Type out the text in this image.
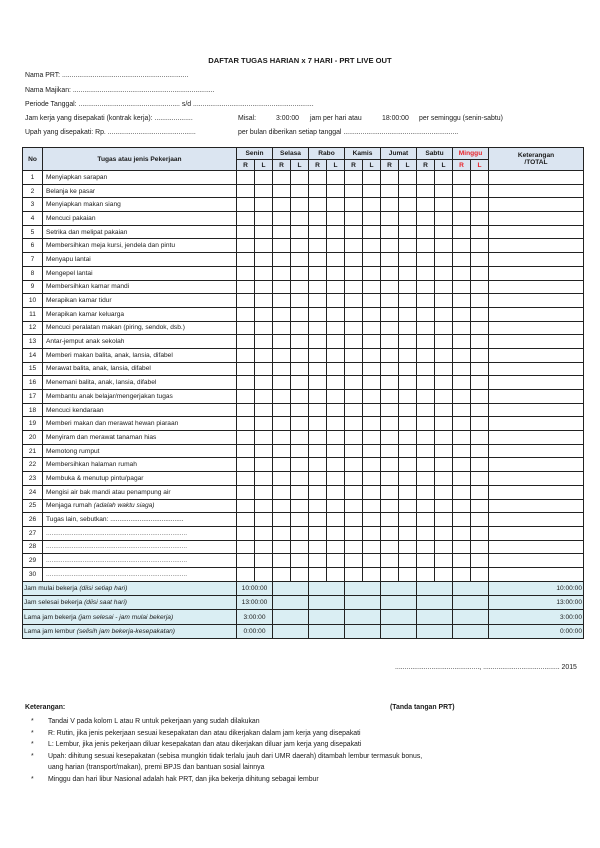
DAFTAR TUGAS HARIAN x 7 HARI - PRT LIVE OUT
Nama PRT: ..................................................................
Nama Majikan: ..........................................................................
Periode Tanggal: ..................................................... s/d ...............................................................
Jam kerja yang disepakati (kontrak kerja): ....................	Misal:	3:00:00 jam per hari atau	18:00:00 per seminggu (senin-sabtu)
Upah yang disepakati: Rp. ..............................................	per bulan diberikan setiap tanggal ............................................................
No	Tugas atau jenis Pekerjaan	Senin		Selasa		Rabo		Kamis		Jumat		Sabtu		Minggu		Keterangan
/TOTAL

		R	L	R	L	R	L	R	L	R	L	R	L	R	L	
1	Menyiapkan sarapan															
2	Belanja ke pasar															
3	Menyiapkan makan siang															
4	Mencuci pakaian															
5	Setrika dan melipat pakaian															
6	Membersihkan meja kursi, jendela dan pintu															
7	Menyapu lantai															
8	Mengepel lantai															
9	Membersihkan kamar mandi															
10	Merapikan kamar tidur															
11	Merapikan kamar keluarga															
12	Mencuci peralatan makan (piring, sendok, dsb.)															
13	Antar-jemput anak sekolah															
14	Memberi makan balita, anak, lansia, difabel															
15	Merawat balita, anak, lansia, difabel															
16	Menemani balita, anak, lansia, difabel															
17	Membantu anak belajar/mengerjakan tugas															
18	Mencuci kendaraan															
19	Memberi makan dan merawat hewan piaraan															
20	Menyiram dan merawat tanaman hias															
21	Memotong rumput															
22	Membersihkan halaman rumah															
23	Membuka & menutup pintu/pagar															
24	Mengisi air bak mandi atau penampung air															
25	Menjaga rumah (adalah waktu siaga)															
26	Tugas lain, sebutkan: ........................................															
27	.............................................................................															
28	.............................................................................															
29	.............................................................................															
30	.............................................................................															
Jam mulai bekerja (diisi setiap hari)		10:00:00														10:00:00
Jam selesai bekerja (diisi saat hari)		13:00:00														13:00:00
Lama jam bekerja (jam selesai - jam mulai bekerja)		3:00:00														3:00:00
Lama jam lembur (selisih jam bekerja-kesepakatan)		0:00:00														0:00:00
............................................, ........................................ 2015
(Tanda tangan PRT)
Keterangan:
* Tandai V pada kolom L atau R untuk pekerjaan yang sudah dilakukan
* R: Rutin, jika jenis pekerjaan sesuai kesepakatan dan atau dikerjakan dalam jam kerja yang disepakati
* L: Lembur, jika jenis pekerjaan diluar kesepakatan dan atau dikerjakan diluar jam kerja yang disepakati
* Upah: dihitung sesuai kesepakatan (sebisa mungkin tidak terlalu jauh dari UMR daerah) ditambah lembur termasuk bonus,
uang harian (transport/makan), premi BPJS dan bantuan sosial lainnya
* Minggu dan hari libur Nasional adalah hak PRT, dan jika bekerja dihitung sebagai lembur
